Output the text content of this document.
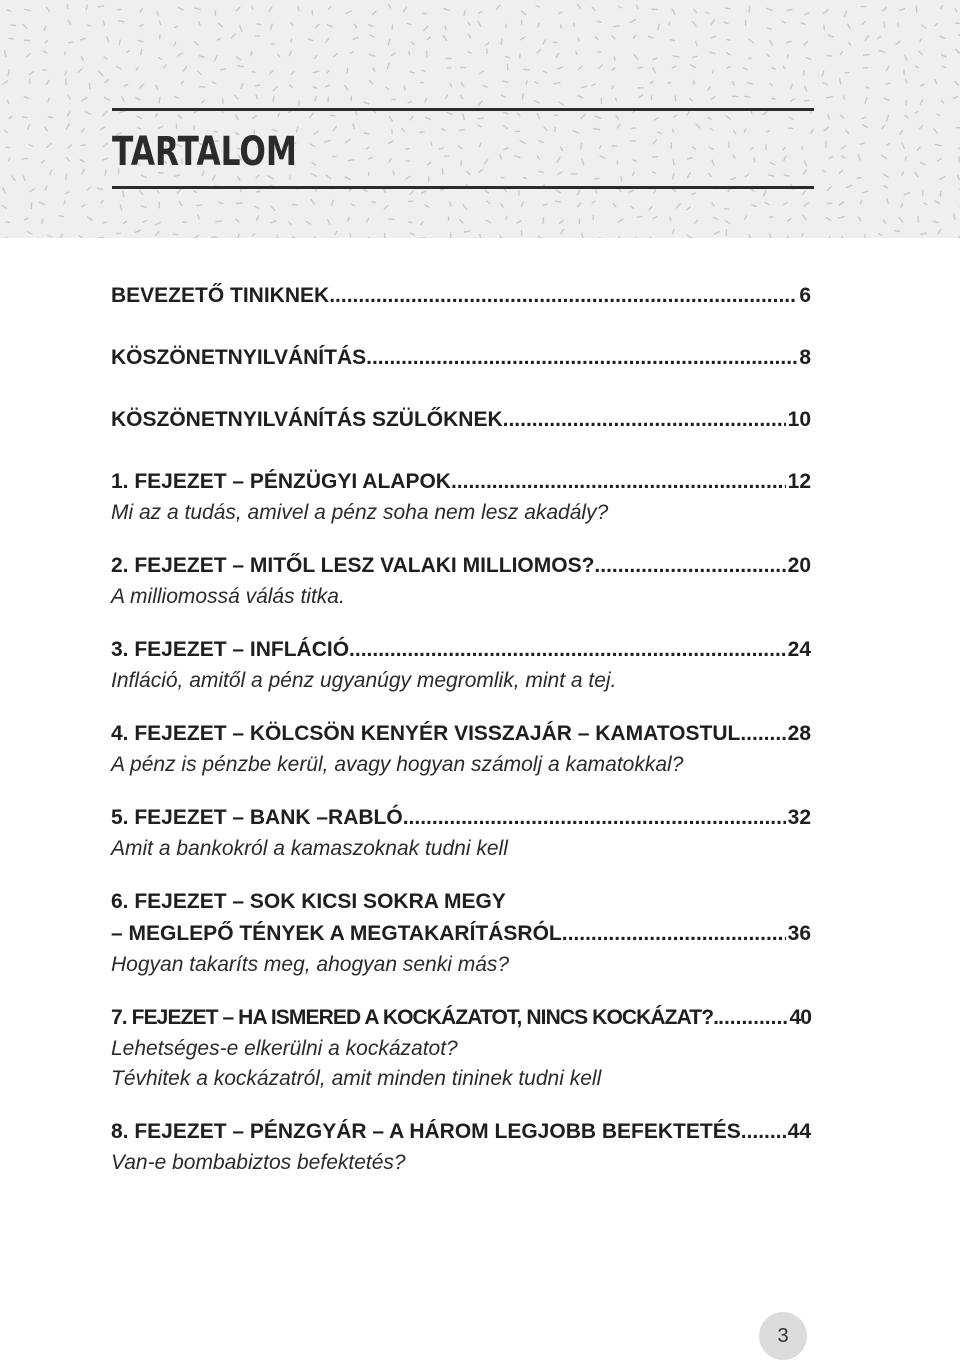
TARTALOM
BEVEZETŐ TINIKNEK .....	6
KÖSZÖNETNYILVÁNÍTÁS .....	8
KÖSZÖNETNYILVÁNÍTÁS SZÜLŐKNEK .....	10
1. FEJEZET – PÉNZÜGYI ALAPOK .....	12
Mi az a tudás, amivel a pénz soha nem lesz akadály?
2. FEJEZET – MITŐL LESZ VALAKI MILLIOMOS?. .....	20
A milliomossá válás titka.
3. FEJEZET – INFLÁCIÓ .....	24
Infláció, amitől a pénz ugyanúgy megromlik, mint a tej.
4. FEJEZET – KÖLCSÖN KENYÉR VISSZAJÁR – KAMATOSTUL ..... 28
A pénz is pénzbe kerül, avagy hogyan számolj a kamatokkal?
5. FEJEZET – BANK –RABLÓ .....	32
Amit a bankokról a kamaszoknak tudni kell
6. FEJEZET – SOK KICSI SOKRA MEGY
– MEGLEPŐ TÉNYEK A MEGTAKARÍTÁSRÓL .....	36
Hogyan takaríts meg, ahogyan senki más?
7. FEJEZET – HA ISMERED A KOCKÁZATOT, NINCS KOCKÁZAT?. .....	40
Lehetséges-e elkerülni a kockázatot?
Tévhitek a kockázatról, amit minden tininek tudni kell
8. FEJEZET – PÉNZGYÁR – A HÁROM LEGJOBB BEFEKTETÉS ..... 44
Van-e bombabiztos befektetés?
3
